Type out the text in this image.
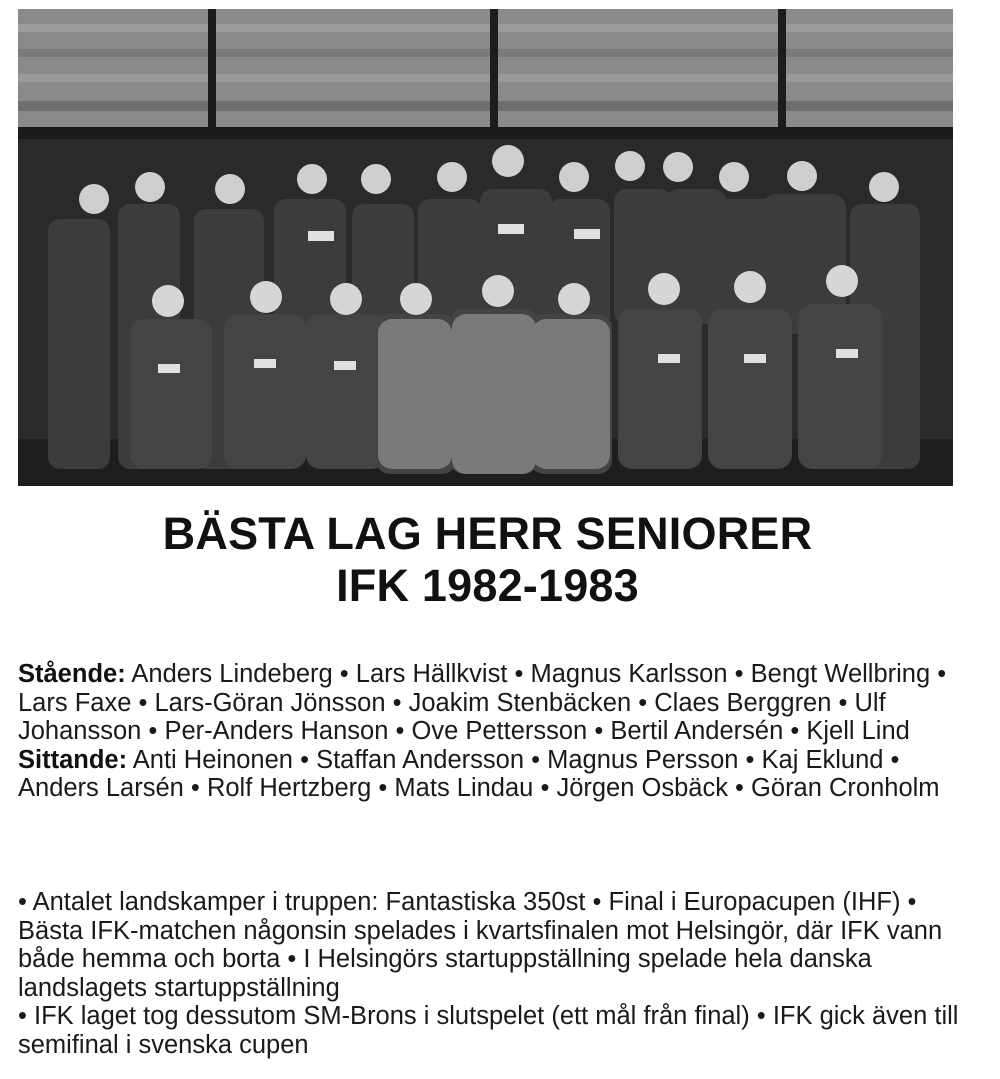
BÄSTA LAG HERR SENIORER
IFK 1982-1983
Stående: Anders Lindeberg • Lars Hällkvist • Magnus Karlsson • Bengt Wellbring • Lars Faxe • Lars-Göran Jönsson • Joakim Stenbäcken • Claes Berggren • Ulf Johansson • Per-Anders Hanson • Ove Pettersson • Bertil Andersén • Kjell Lind
Sittande: Anti Heinonen • Staffan Andersson • Magnus Persson • Kaj Eklund • Anders Larsén • Rolf Hertzberg • Mats Lindau • Jörgen Osbäck • Göran Cronholm

• Antalet landskamper i truppen: Fantastiska 350st • Final i Europacupen (IHF) • Bästa IFK-matchen någonsin spelades i kvartsfinalen mot Helsingör, där IFK vann både hemma och borta • I Helsingörs startuppställning spelade hela danska landslagets startuppställning

• IFK laget tog dessutom SM-Brons i slutspelet (ett mål från final) • IFK gick även till semifinal i svenska cupen
